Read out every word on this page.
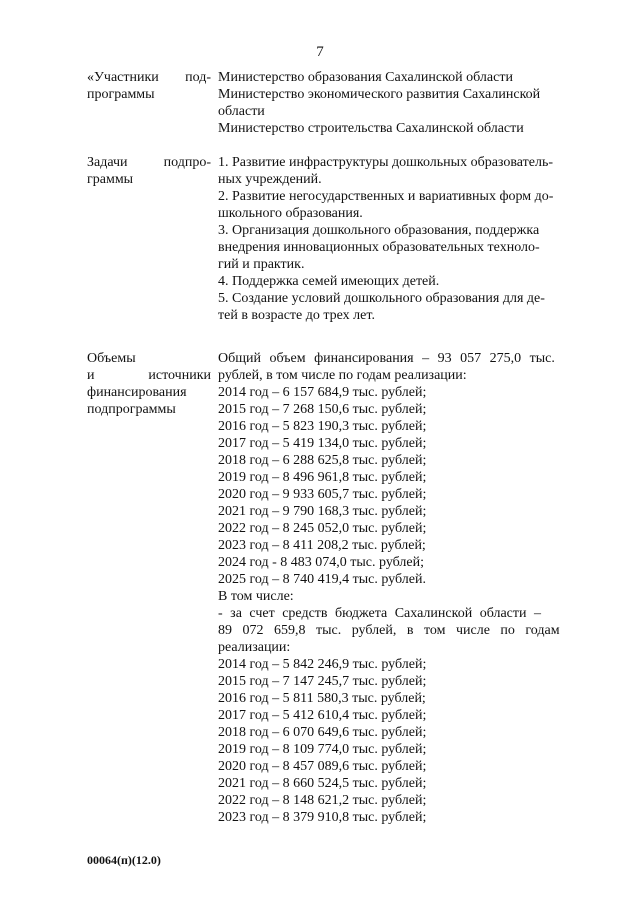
7
«Участники под-
программы
Министерство образования Сахалинской области
Министерство экономического развития Сахалинской
области
Министерство строительства Сахалинской области
Задачи	подпро-
граммы
1. Развитие инфраструктуры дошкольных образователь-
ных учреждений.
2. Развитие негосударственных и вариативных форм до-
школьного образования.
3. Организация дошкольного образования, поддержка
внедрения инновационных образовательных техноло-
гий и практик.
4. Поддержка семей имеющих детей.
5. Создание условий дошкольного образования для де-
тей в возрасте до трех лет.
Объемы
и	источники
финансирования
подпрограммы
Общий объем финансирования – 93 057 275,0 тыс.
рублей, в том числе по годам реализации:
2014 год – 6 157 684,9 тыс. рублей;
2015 год – 7 268 150,6 тыс. рублей;
2016 год – 5 823 190,3 тыс. рублей;
2017 год – 5 419 134,0 тыс. рублей;
2018 год – 6 288 625,8 тыс. рублей;
2019 год – 8 496 961,8 тыс. рублей;
2020 год – 9 933 605,7 тыс. рублей;
2021 год – 9 790 168,3 тыс. рублей;
2022 год – 8 245 052,0 тыс. рублей;
2023 год – 8 411 208,2 тыс. рублей;
2024 год - 8 483 074,0 тыс. рублей;
2025 год – 8 740 419,4 тыс. рублей.
В том числе:
- за счет средств бюджета Сахалинской области –
89 072 659,8 тыс. рублей, в том числе по годам
реализации:
2014 год – 5 842 246,9 тыс. рублей;
2015 год – 7 147 245,7 тыс. рублей;
2016 год – 5 811 580,3 тыс. рублей;
2017 год – 5 412 610,4 тыс. рублей;
2018 год – 6 070 649,6 тыс. рублей;
2019 год – 8 109 774,0 тыс. рублей;
2020 год – 8 457 089,6 тыс. рублей;
2021 год – 8 660 524,5 тыс. рублей;
2022 год – 8 148 621,2 тыс. рублей;
2023 год – 8 379 910,8 тыс. рублей;
00064(п)(12.0)
